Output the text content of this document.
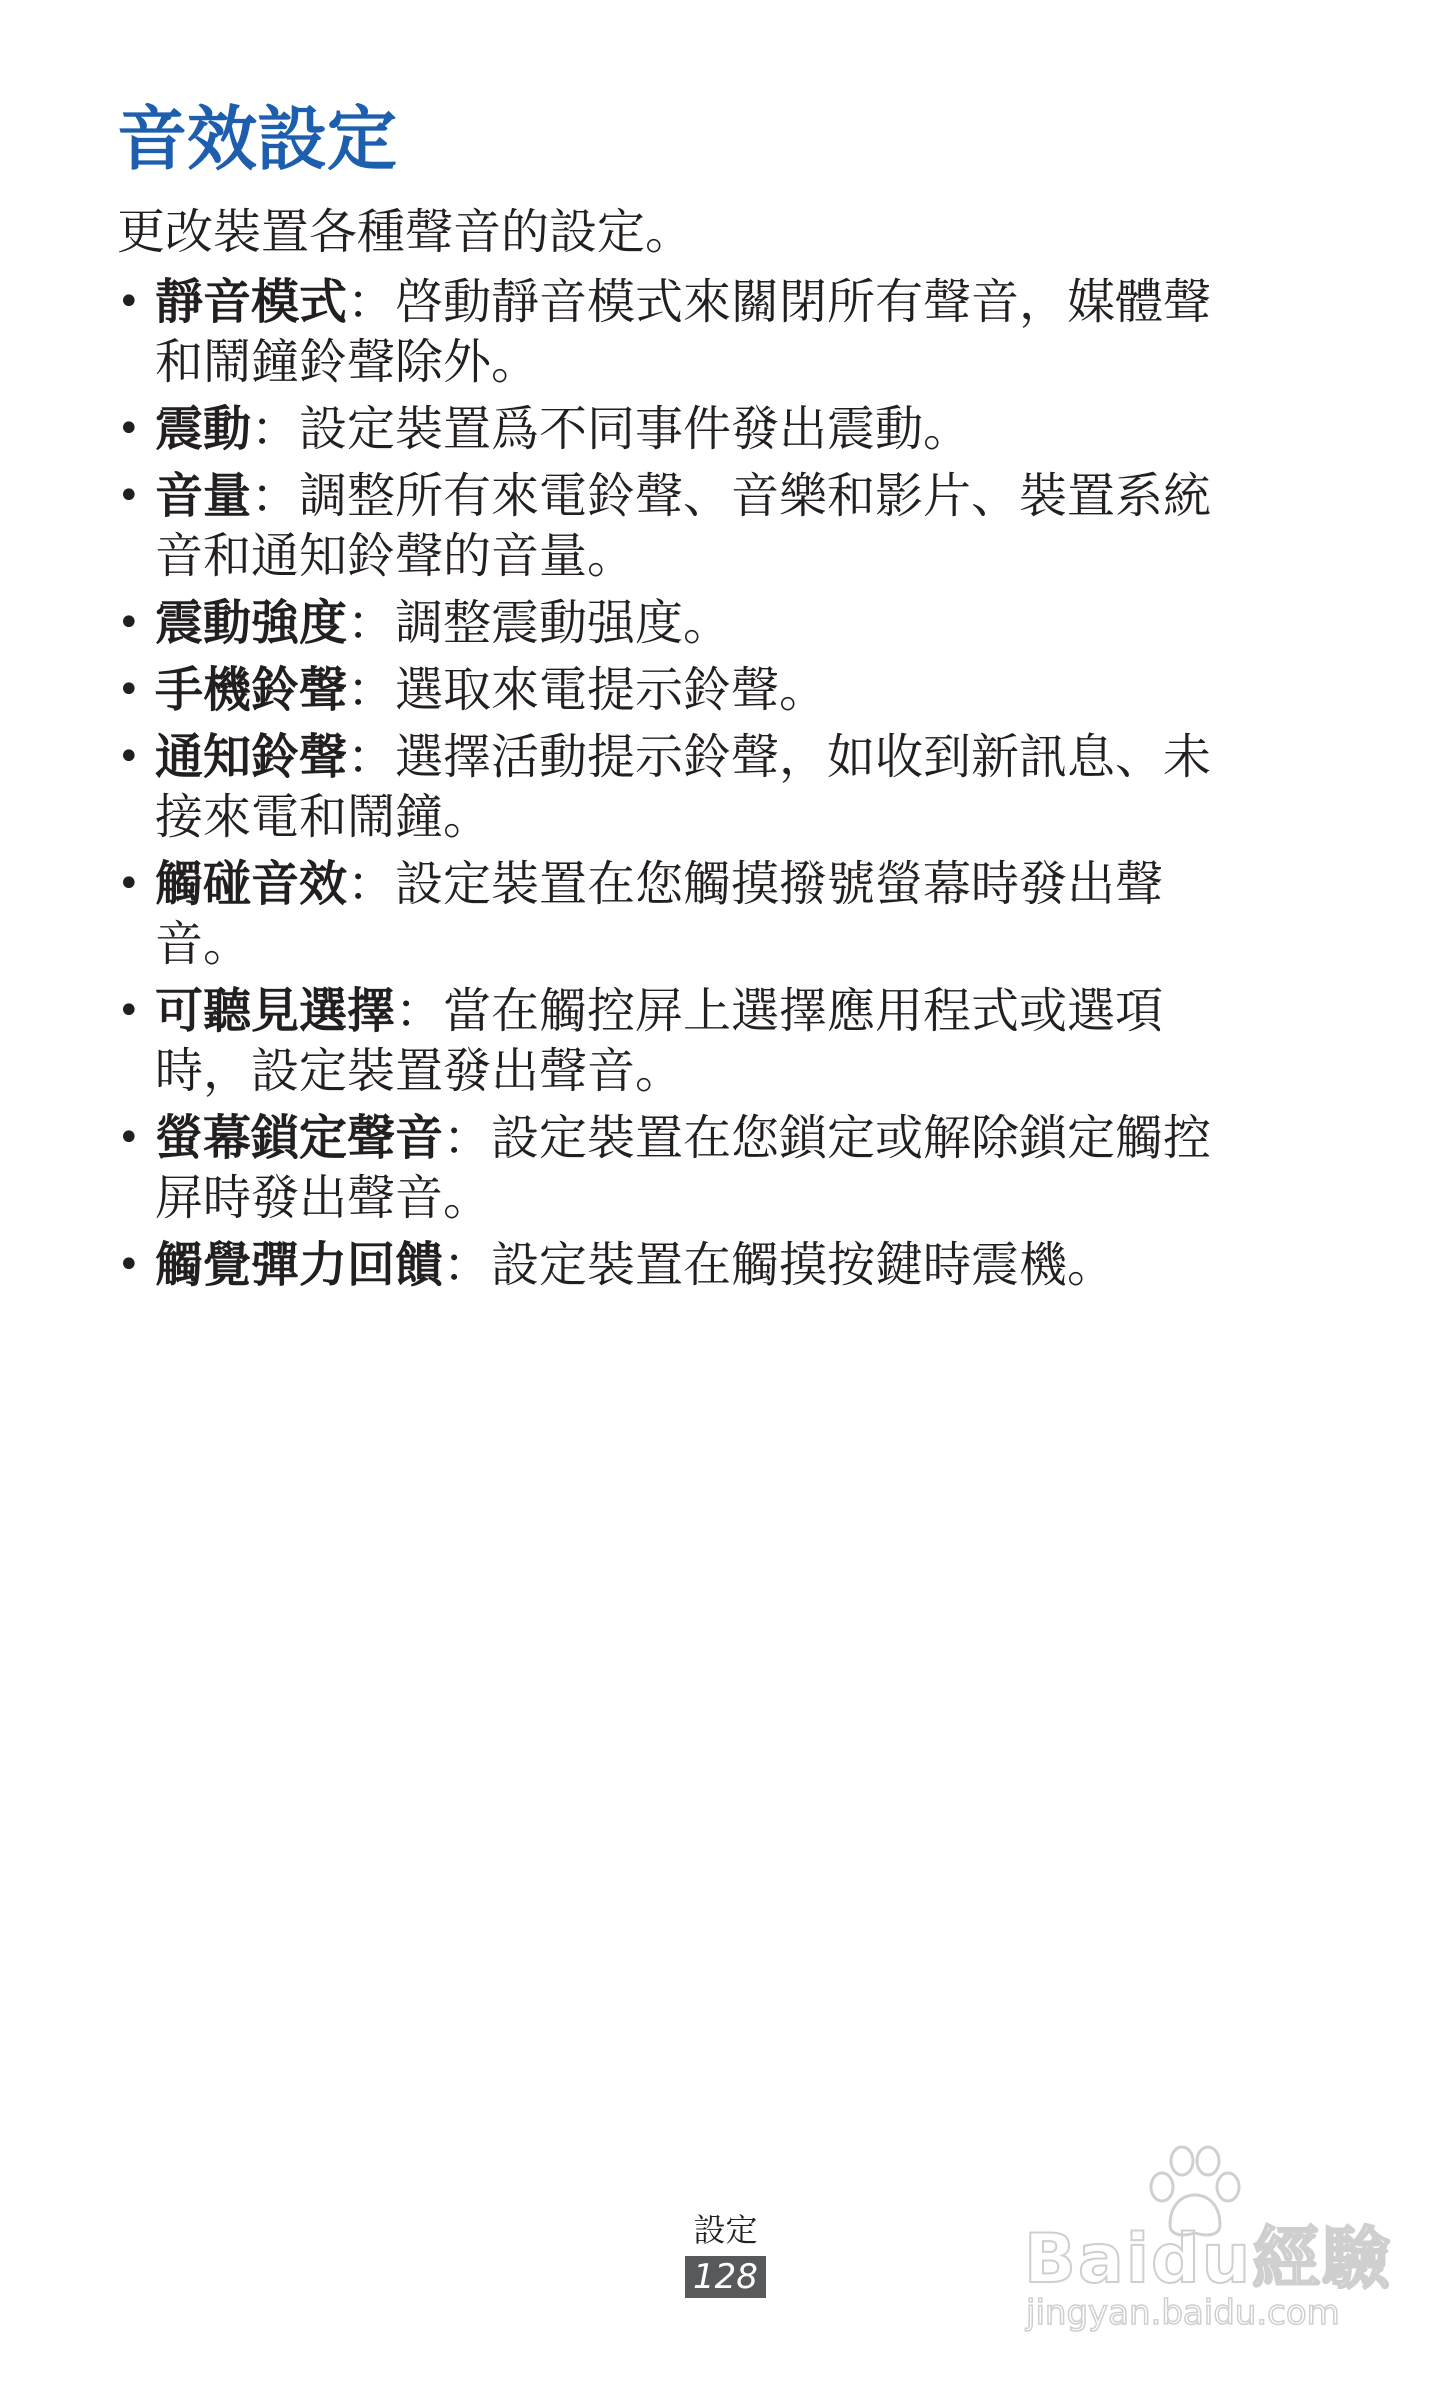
音效設定

更改裝置各種聲音的設定。

• 靜音模式：啓動靜音模式來關閉所有聲音，媒體聲
和鬧鐘鈴聲除外。
• 震動：設定裝置爲不同事件發出震動。
• 音量：調整所有來電鈴聲、音樂和影片、裝置系統
音和通知鈴聲的音量。
• 震動強度：調整震動强度。
• 手機鈴聲：選取來電提示鈴聲。
• 通知鈴聲：選擇活動提示鈴聲，如收到新訊息、未
接來電和鬧鐘。
• 觸碰音效：設定裝置在您觸摸撥號螢幕時發出聲
音。
• 可聽見選擇：當在觸控屏上選擇應用程式或選項
時，設定裝置發出聲音。
• 螢幕鎖定聲音：設定裝置在您鎖定或解除鎖定觸控
屏時發出聲音。
• 觸覺彈力回饋：設定裝置在觸摸按鍵時震機。
設定
128	Baidu經驗
jingyan.baidu.com
